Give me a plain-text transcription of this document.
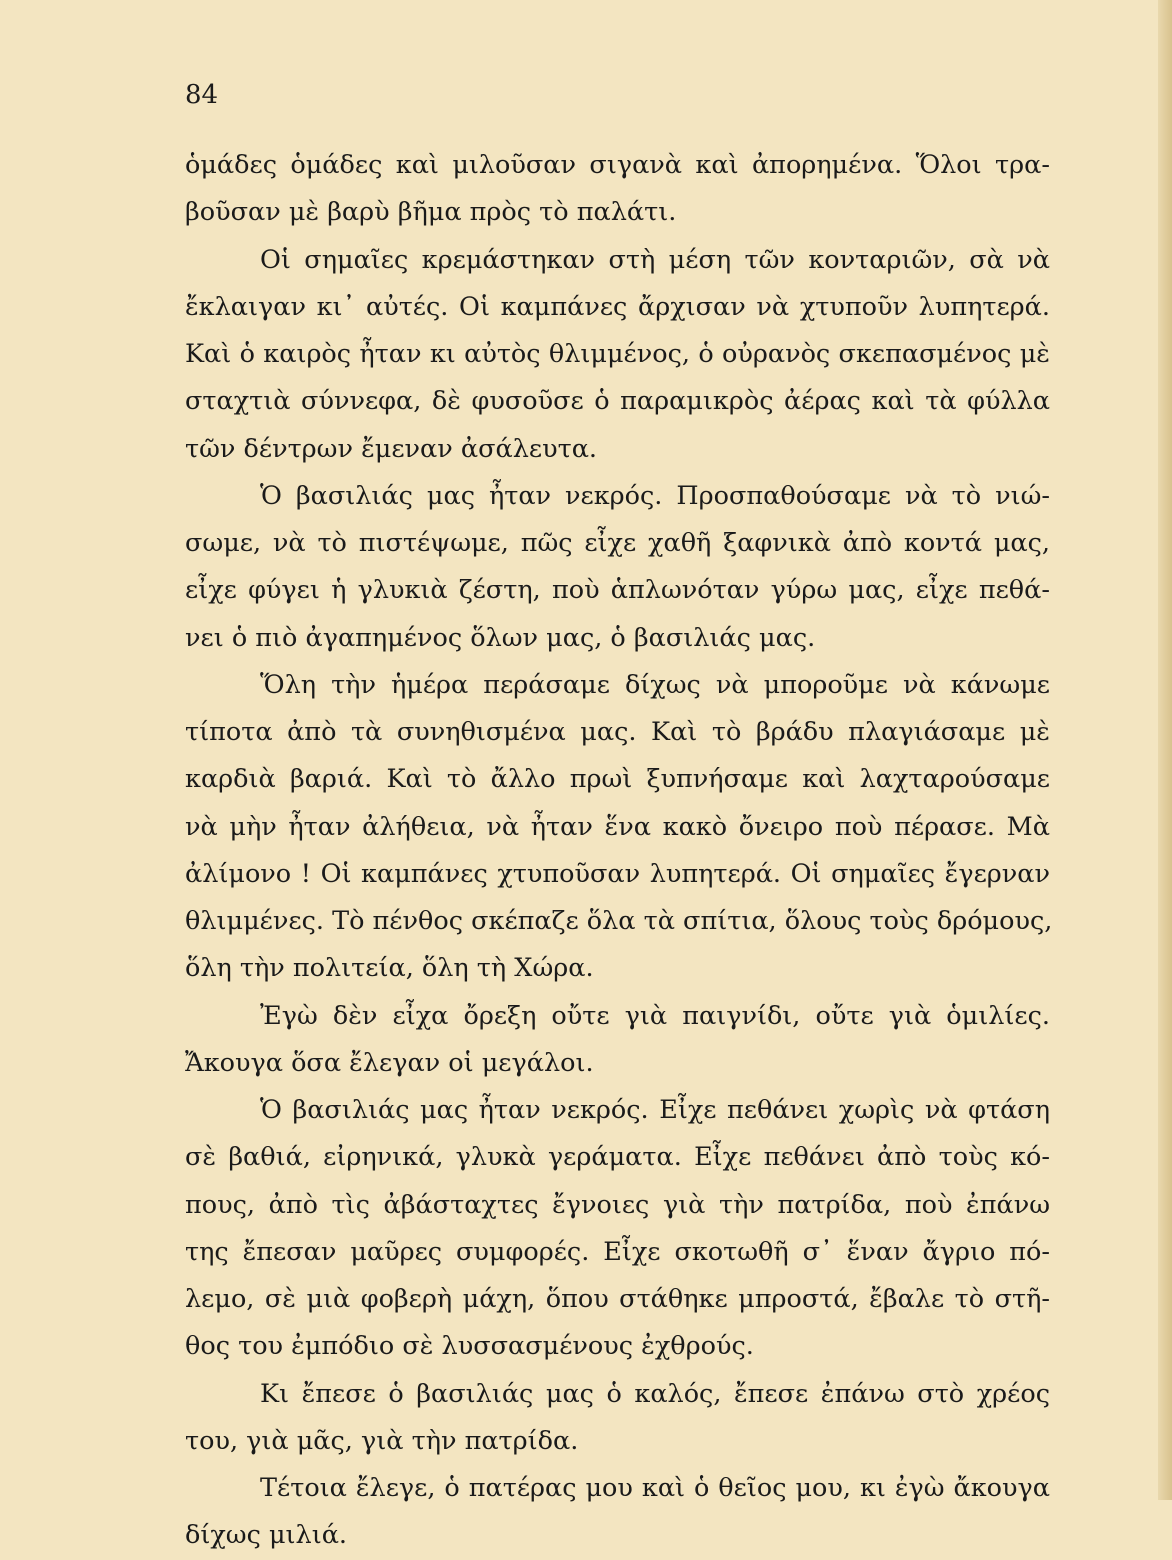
84
ὁμάδες ὁμάδες καὶ μιλοῦσαν σιγανὰ καὶ ἀπορημένα. Ὅλοι τρα-
βοῦσαν μὲ βαρὺ βῆμα πρὸς τὸ παλάτι.
Οἱ σημαῖες κρεμάστηκαν στὴ μέση τῶν κονταριῶν, σὰ νὰ
ἔκλαιγαν κι᾿ αὐτές. Οἱ καμπάνες ἄρχισαν νὰ χτυποῦν λυπητερά.
Καὶ ὁ καιρὸς ἦταν κι αὐτὸς θλιμμένος, ὁ οὐρανὸς σκεπασμένος μὲ
σταχτιὰ σύννεφα, δὲ φυσοῦσε ὁ παραμικρὸς ἀέρας καὶ τὰ φύλλα
τῶν δέντρων ἔμεναν ἀσάλευτα.
Ὁ βασιλιάς μας ἦταν νεκρός. Προσπαθούσαμε νὰ τὸ νιώ-
σωμε, νὰ τὸ πιστέψωμε, πῶς εἶχε χαθῆ ξαφνικὰ ἀπὸ κοντά μας,
εἶχε φύγει ἡ γλυκιὰ ζέστη, ποὺ ἁπλωνόταν γύρω μας, εἶχε πεθά-
νει ὁ πιὸ ἀγαπημένος ὅλων μας, ὁ βασιλιάς μας.
Ὅλη τὴν ἡμέρα περάσαμε δίχως νὰ μποροῦμε νὰ κάνωμε
τίποτα ἀπὸ τὰ συνηθισμένα μας. Καὶ τὸ βράδυ πλαγιάσαμε μὲ
καρδιὰ βαριά. Καὶ τὸ ἄλλο πρωὶ ξυπνήσαμε καὶ λαχταρούσαμε
νὰ μὴν ἦταν ἀλήθεια, νὰ ἦταν ἕνα κακὸ ὄνειρο ποὺ πέρασε. Μὰ
ἀλίμονο ! Οἱ καμπάνες χτυποῦσαν λυπητερά. Οἱ σημαῖες ἔγερναν
θλιμμένες. Τὸ πένθος σκέπαζε ὅλα τὰ σπίτια, ὅλους τοὺς δρόμους,
ὅλη τὴν πολιτεία, ὅλη τὴ Χώρα.
Ἐγὼ δὲν εἶχα ὄρεξη οὔτε γιὰ παιγνίδι, οὔτε γιὰ ὁμιλίες.
Ἄκουγα ὅσα ἔλεγαν οἱ μεγάλοι.
Ὁ βασιλιάς μας ἦταν νεκρός. Εἶχε πεθάνει χωρὶς νὰ φτάση
σὲ βαθιά, εἰρηνικά, γλυκὰ γεράματα. Εἶχε πεθάνει ἀπὸ τοὺς κό-
πους, ἀπὸ τὶς ἀβάσταχτες ἔγνοιες γιὰ τὴν πατρίδα, ποὺ ἐπάνω
της ἔπεσαν μαῦρες συμφορές. Εἶχε σκοτωθῆ σ᾿ ἕναν ἄγριο πό-
λεμο, σὲ μιὰ φοβερὴ μάχη, ὅπου στάθηκε μπροστά, ἔβαλε τὸ στῆ-
θος του ἐμπόδιο σὲ λυσσασμένους ἐχθρούς.
Κι ἔπεσε ὁ βασιλιάς μας ὁ καλός, ἔπεσε ἐπάνω στὸ χρέος
του, γιὰ μᾶς, γιὰ τὴν πατρίδα.
Τέτοια ἔλεγε, ὁ πατέρας μου καὶ ὁ θεῖος μου, κι ἐγὼ ἄκουγα
δίχως μιλιά.
